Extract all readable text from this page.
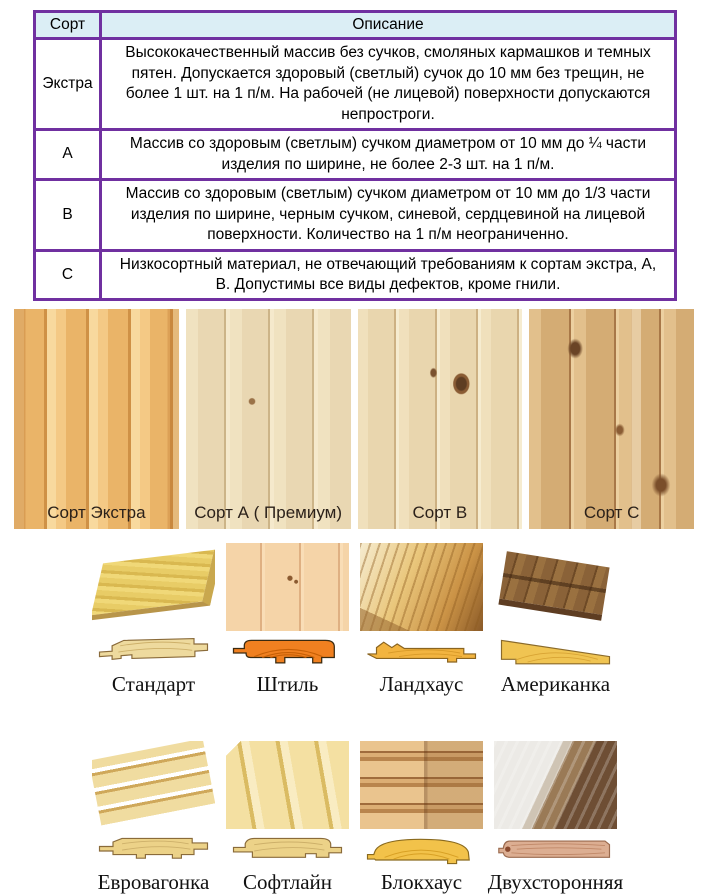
Сорт	Описание
Экстра	Высококачественный массив без сучков, смоляных кармашков и темных пятен. Допускается здоровый (светлый) сучок до 10 мм без трещин, не более 1 шт. на 1 п/м. На рабочей (не лицевой) поверхности допускаются непростроги.
А	Массив со здоровым (светлым) сучком диаметром от 10 мм до ¼ части изделия по ширине, не более 2-3 шт. на 1 п/м.
В	Массив со здоровым (светлым) сучком диаметром от 10 мм до 1/3 части изделия по ширине, черным сучком, синевой, сердцевиной на лицевой поверхности. Количество на 1 п/м неограниченно.
С	Низкосортный материал, не отвечающий требованиям к сортам экстра, А, В. Допустимы все виды дефектов, кроме гнили.
Сорт Экстра	Сорт А ( Премиум)	Сорт В	Сорт С
Стандарт	Штиль	Ландхаус Американка
Евровагонка Софтлайн Блокхаус Двухсторонняя
